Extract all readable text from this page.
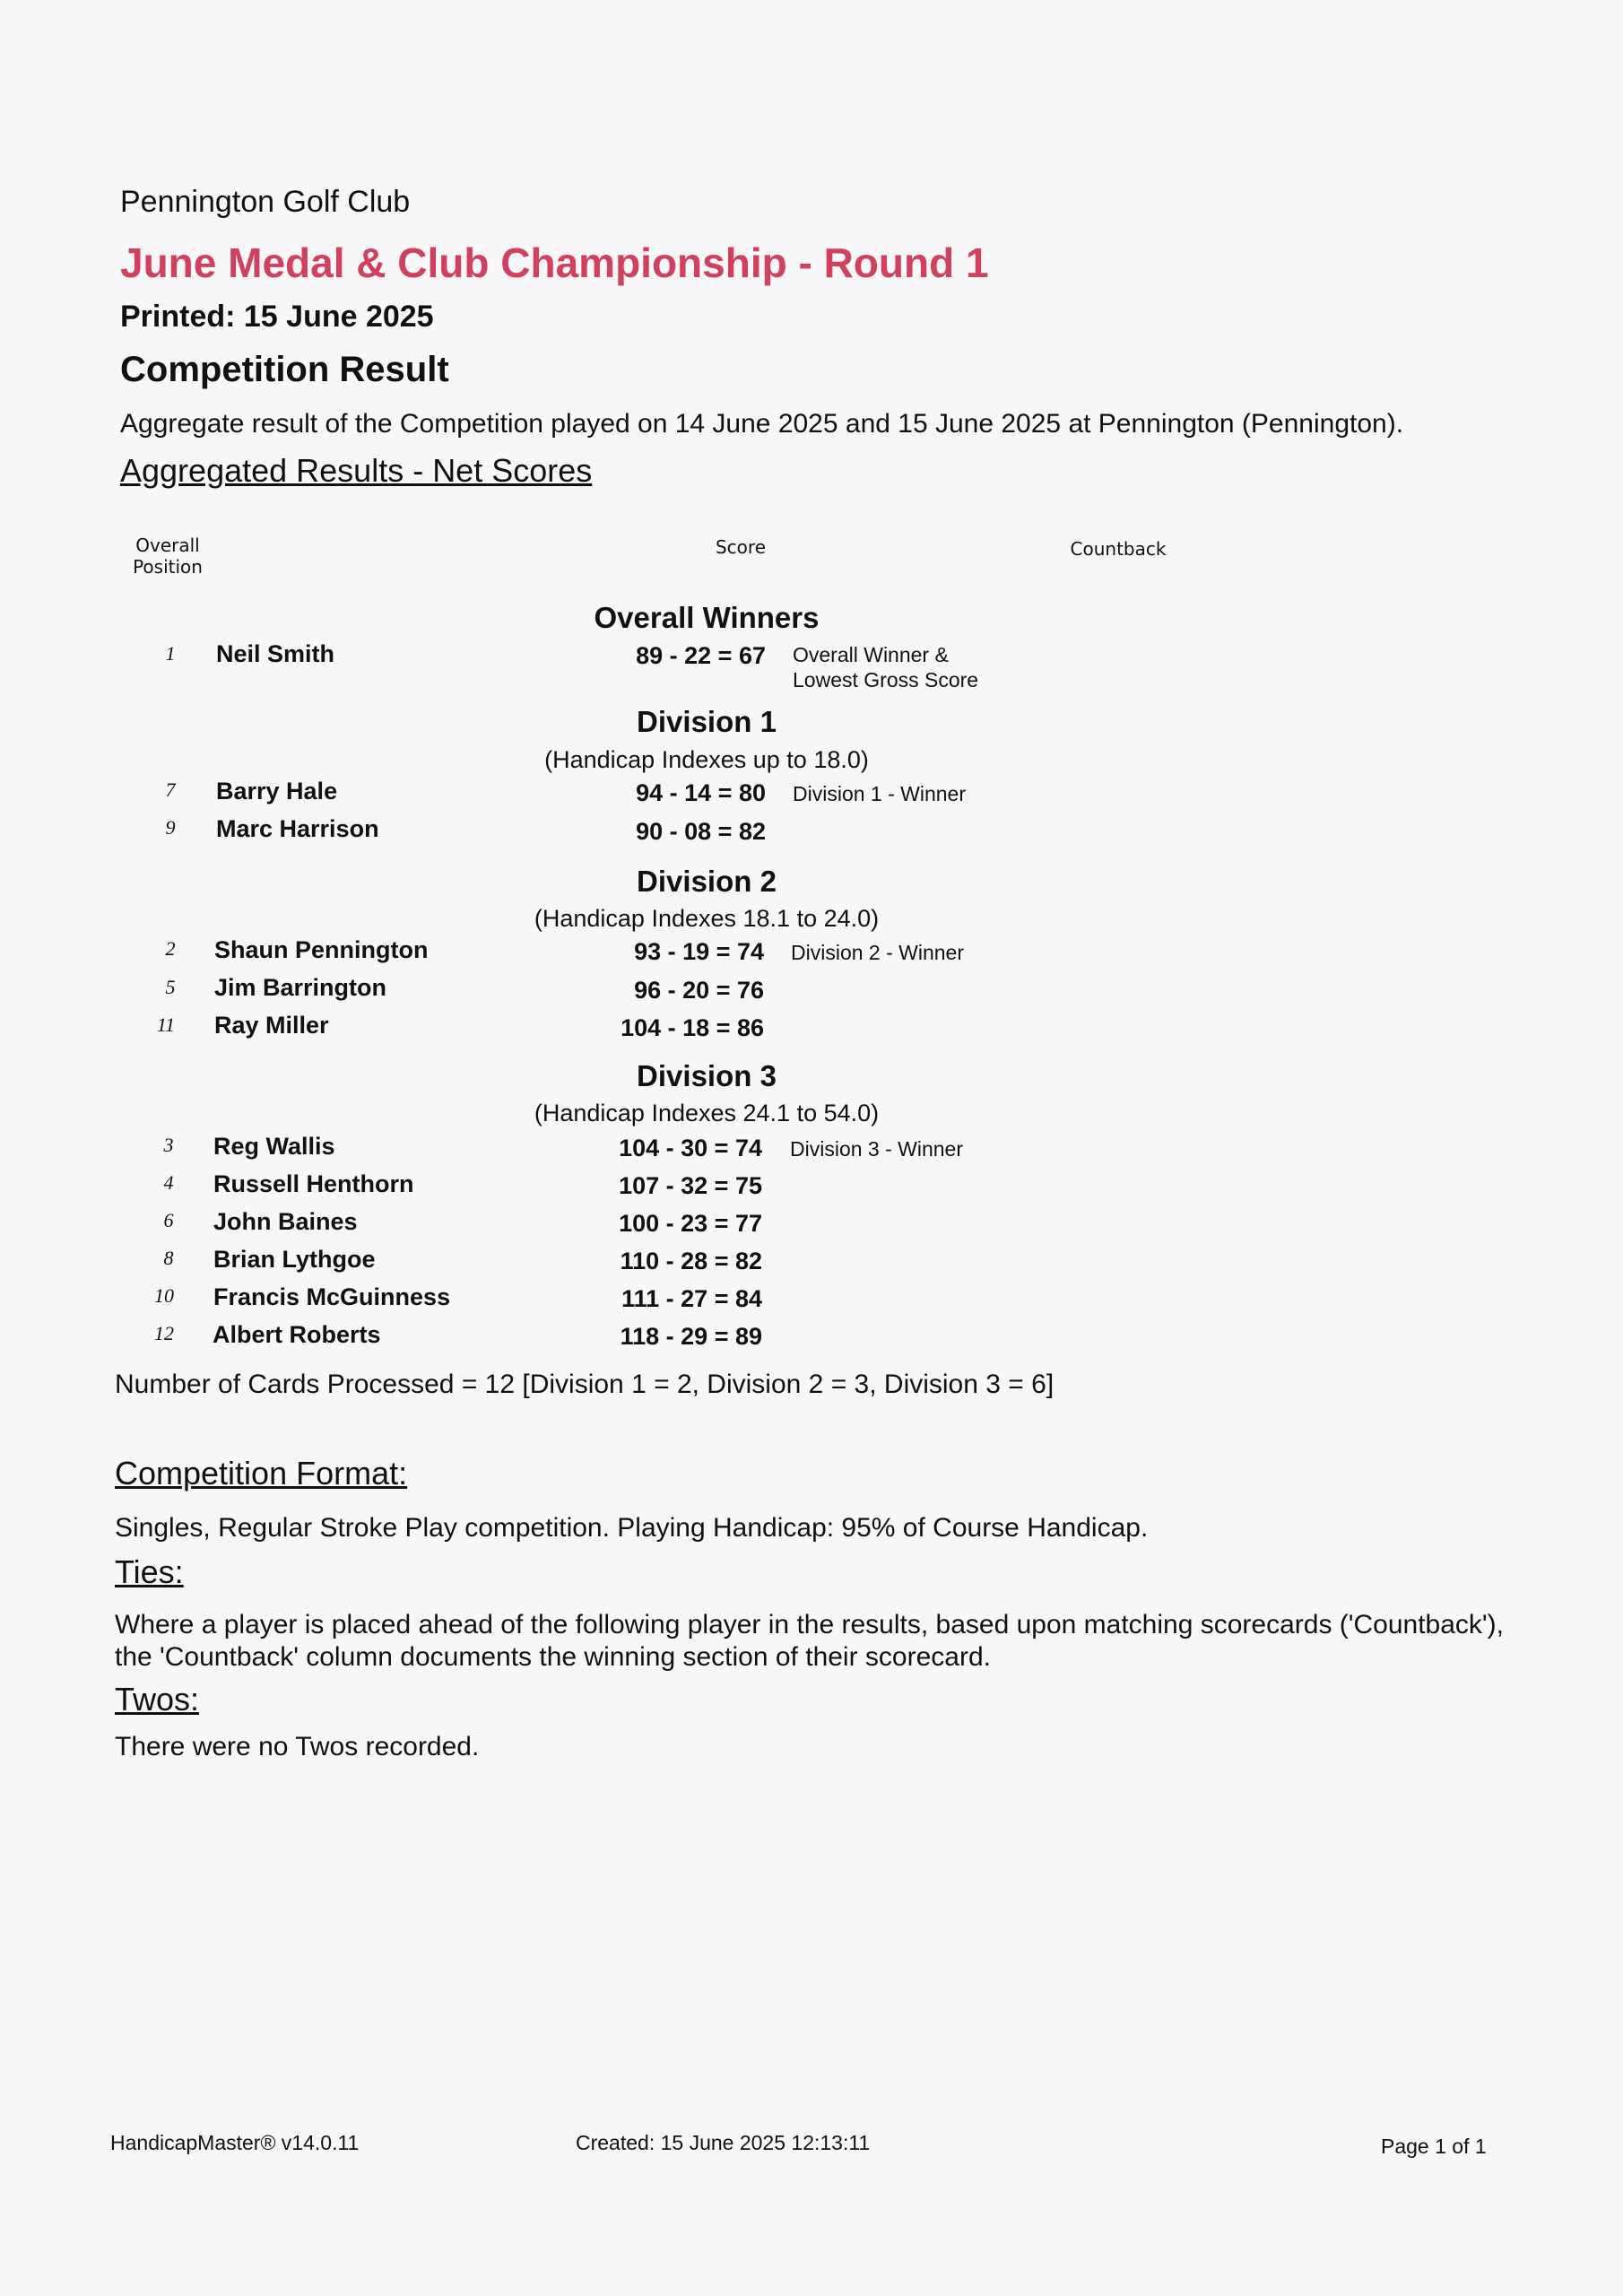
Pennington Golf Club
June Medal & Club Championship - Round 1
Printed: 15 June 2025
Competition Result
Aggregate result of the Competition played on 14 June 2025 and 15 June 2025 at Pennington (Pennington).
Aggregated Results - Net Scores
Overall
Position
Score	Countback
Overall Winners
1	Neil Smith	89 - 22 = 67 Overall Winner &
Lowest Gross Score
Division 1
(Handicap Indexes up to 18.0)
7	Barry Hale	94 - 14 = 80 Division 1 - Winner
9	Marc Harrison	90 - 08 = 82
Division 2
(Handicap Indexes 18.1 to 24.0)
2	Shaun Pennington	93 - 19 = 74 Division 2 - Winner
5	Jim Barrington	96 - 20 = 76
11	Ray Miller	104 - 18 = 86
Division 3
(Handicap Indexes 24.1 to 54.0)
3	Reg Wallis	104 - 30 = 74 Division 3 - Winner
4	Russell Henthorn	107 - 32 = 75
6	John Baines	100 - 23 = 77
8	Brian Lythgoe	110 - 28 = 82
10	Francis McGuinness	111 - 27 = 84
12	Albert Roberts	118 - 29 = 89
Number of Cards Processed = 12 [Division 1 = 2, Division 2 = 3, Division 3 = 6]
Competition Format:
Singles, Regular Stroke Play competition. Playing Handicap: 95% of Course Handicap.
Ties:
Where a player is placed ahead of the following player in the results, based upon matching scorecards ('Countback'),
the 'Countback' column documents the winning section of their scorecard.
Twos:
There were no Twos recorded.
HandicapMaster® v14.0.11	Created: 15 June 2025 12:13:11	Page 1 of 1
